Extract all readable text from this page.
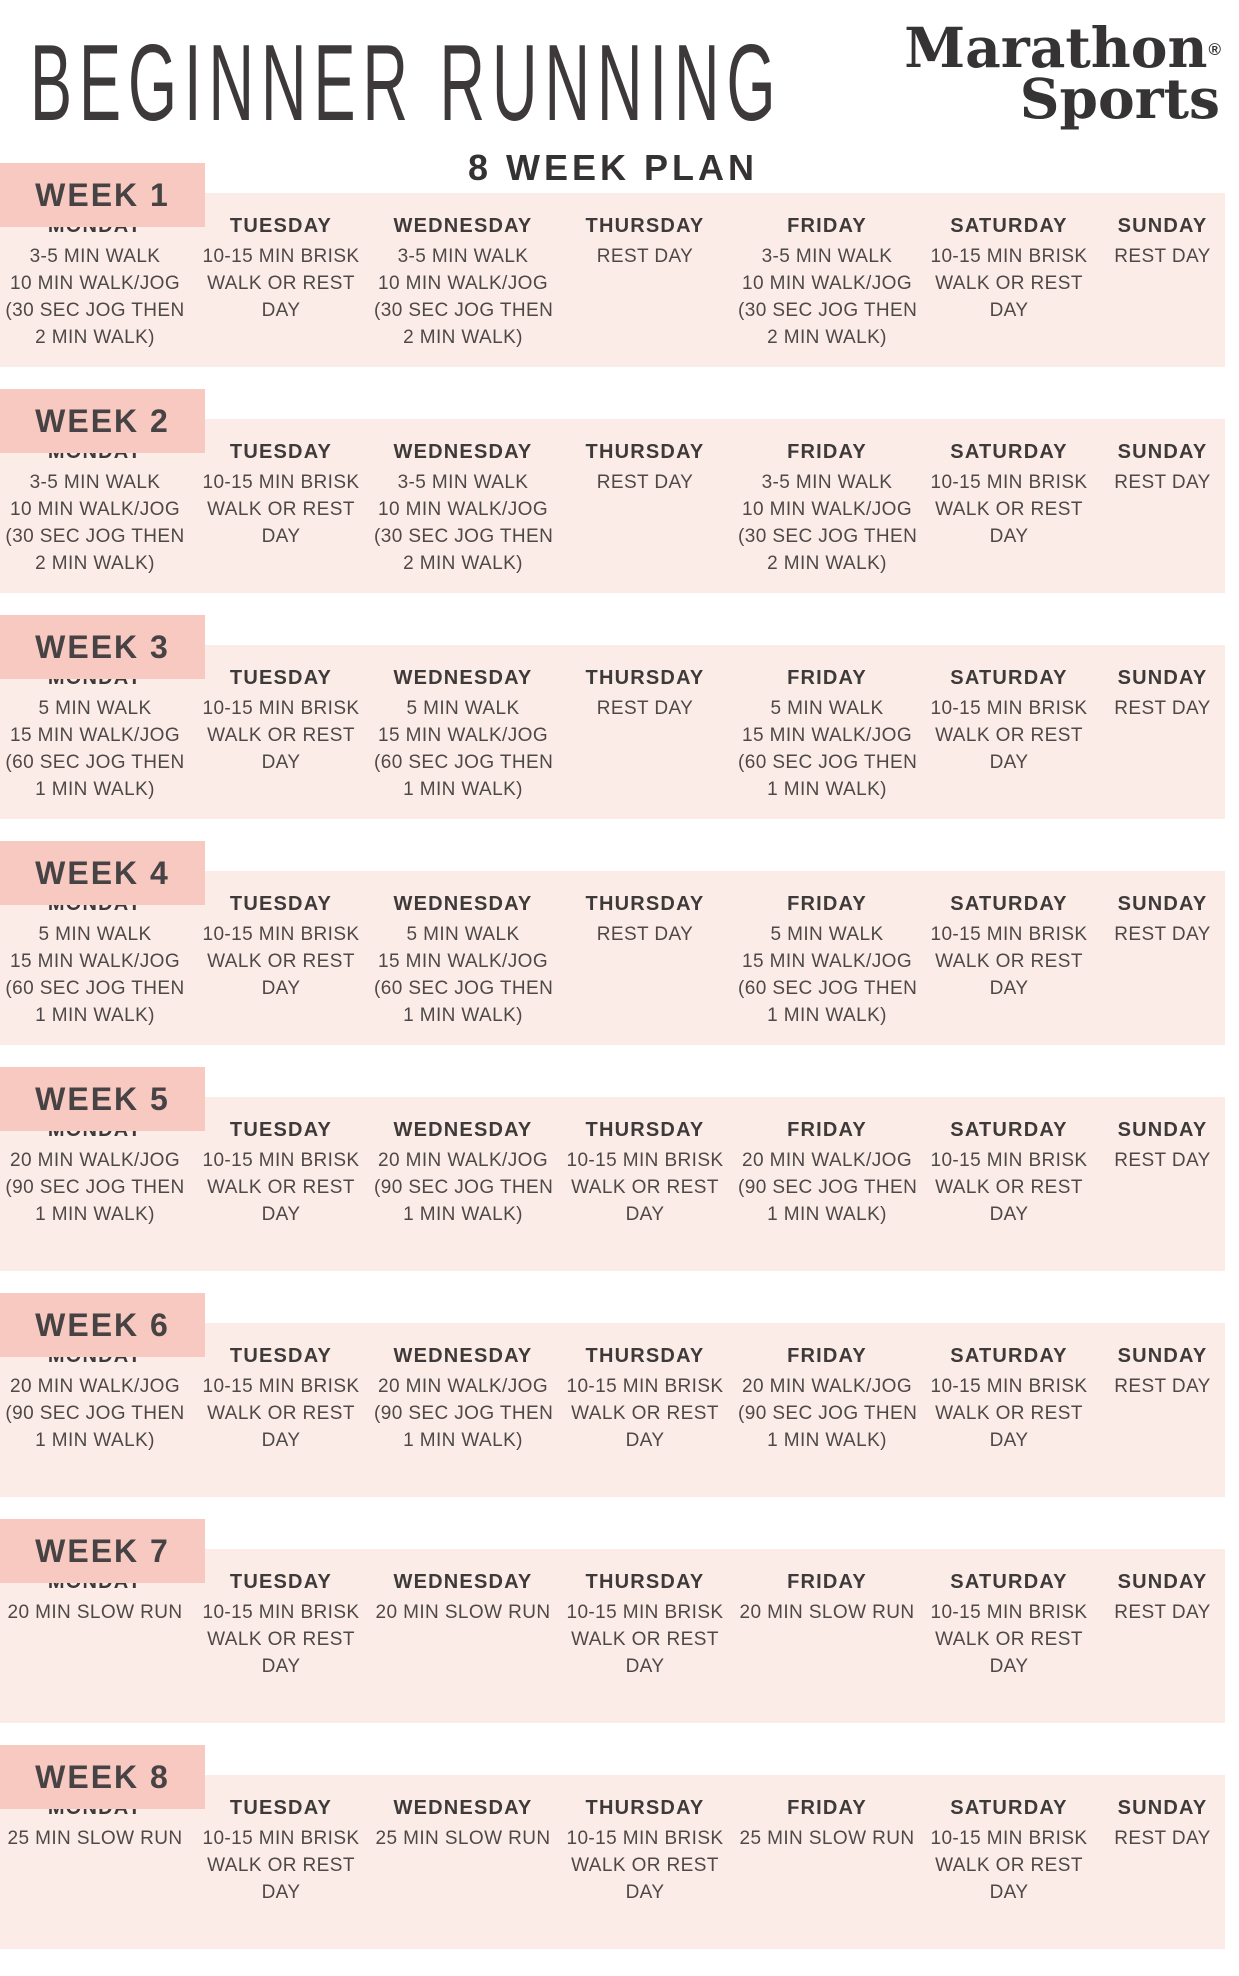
BEGINNER RUNNING
8 WEEK PLAN
Marathon®
Sports
3-5 MIN WALK
10 MIN WALK/JOG
(30 SEC JOG THEN
2 MIN WALK)
TUESDAY
10-15 MIN BRISK
WALK OR REST
DAY
WEDNESDAY
3-5 MIN WALK
10 MIN WALK/JOG
(30 SEC JOG THEN
2 MIN WALK)
THURSDAY
REST DAY
FRIDAY
3-5 MIN WALK
10 MIN WALK/JOG
(30 SEC JOG THEN
2 MIN WALK)
SATURDAY
10-15 MIN BRISK
WALK OR REST
DAY
SUNDAY
REST DAY
WEEK 1
3-5 MIN WALK
10 MIN WALK/JOG
(30 SEC JOG THEN
2 MIN WALK)
TUESDAY
10-15 MIN BRISK
WALK OR REST
DAY
WEDNESDAY
3-5 MIN WALK
10 MIN WALK/JOG
(30 SEC JOG THEN
2 MIN WALK)
THURSDAY
REST DAY
FRIDAY
3-5 MIN WALK
10 MIN WALK/JOG
(30 SEC JOG THEN
2 MIN WALK)
SATURDAY
10-15 MIN BRISK
WALK OR REST
DAY
SUNDAY
REST DAY
WEEK 2
5 MIN WALK
15 MIN WALK/JOG
(60 SEC JOG THEN
1 MIN WALK)
TUESDAY
10-15 MIN BRISK
WALK OR REST
DAY
WEDNESDAY
5 MIN WALK
15 MIN WALK/JOG
(60 SEC JOG THEN
1 MIN WALK)
THURSDAY
REST DAY
FRIDAY
5 MIN WALK
15 MIN WALK/JOG
(60 SEC JOG THEN
1 MIN WALK)
SATURDAY
10-15 MIN BRISK
WALK OR REST
DAY
SUNDAY
REST DAY
WEEK 3
5 MIN WALK
15 MIN WALK/JOG
(60 SEC JOG THEN
1 MIN WALK)
TUESDAY
10-15 MIN BRISK
WALK OR REST
DAY
WEDNESDAY
5 MIN WALK
15 MIN WALK/JOG
(60 SEC JOG THEN
1 MIN WALK)
THURSDAY
REST DAY
FRIDAY
5 MIN WALK
15 MIN WALK/JOG
(60 SEC JOG THEN
1 MIN WALK)
SATURDAY
10-15 MIN BRISK
WALK OR REST
DAY
SUNDAY
REST DAY
WEEK 4
20 MIN WALK/JOG
(90 SEC JOG THEN
1 MIN WALK)
TUESDAY
10-15 MIN BRISK
WALK OR REST
DAY
WEDNESDAY
20 MIN WALK/JOG
(90 SEC JOG THEN
1 MIN WALK)
THURSDAY
10-15 MIN BRISK
WALK OR REST
DAY
FRIDAY
20 MIN WALK/JOG
(90 SEC JOG THEN
1 MIN WALK)
SATURDAY
10-15 MIN BRISK
WALK OR REST
DAY
SUNDAY
REST DAY
WEEK 5
20 MIN WALK/JOG
(90 SEC JOG THEN
1 MIN WALK)
TUESDAY
10-15 MIN BRISK
WALK OR REST
DAY
WEDNESDAY
20 MIN WALK/JOG
(90 SEC JOG THEN
1 MIN WALK)
THURSDAY
10-15 MIN BRISK
WALK OR REST
DAY
FRIDAY
20 MIN WALK/JOG
(90 SEC JOG THEN
1 MIN WALK)
SATURDAY
10-15 MIN BRISK
WALK OR REST
DAY
SUNDAY
REST DAY
WEEK 6
20 MIN SLOW RUN
TUESDAY
10-15 MIN BRISK
WALK OR REST
DAY
WEDNESDAY
20 MIN SLOW RUN
THURSDAY
10-15 MIN BRISK
WALK OR REST
DAY
FRIDAY
20 MIN SLOW RUN
SATURDAY
10-15 MIN BRISK
WALK OR REST
DAY
SUNDAY
REST DAY
WEEK 7
25 MIN SLOW RUN
TUESDAY
10-15 MIN BRISK
WALK OR REST
DAY
WEDNESDAY
25 MIN SLOW RUN
THURSDAY
10-15 MIN BRISK
WALK OR REST
DAY
FRIDAY
25 MIN SLOW RUN
SATURDAY
10-15 MIN BRISK
WALK OR REST
DAY
SUNDAY
REST DAY
WEEK 8
